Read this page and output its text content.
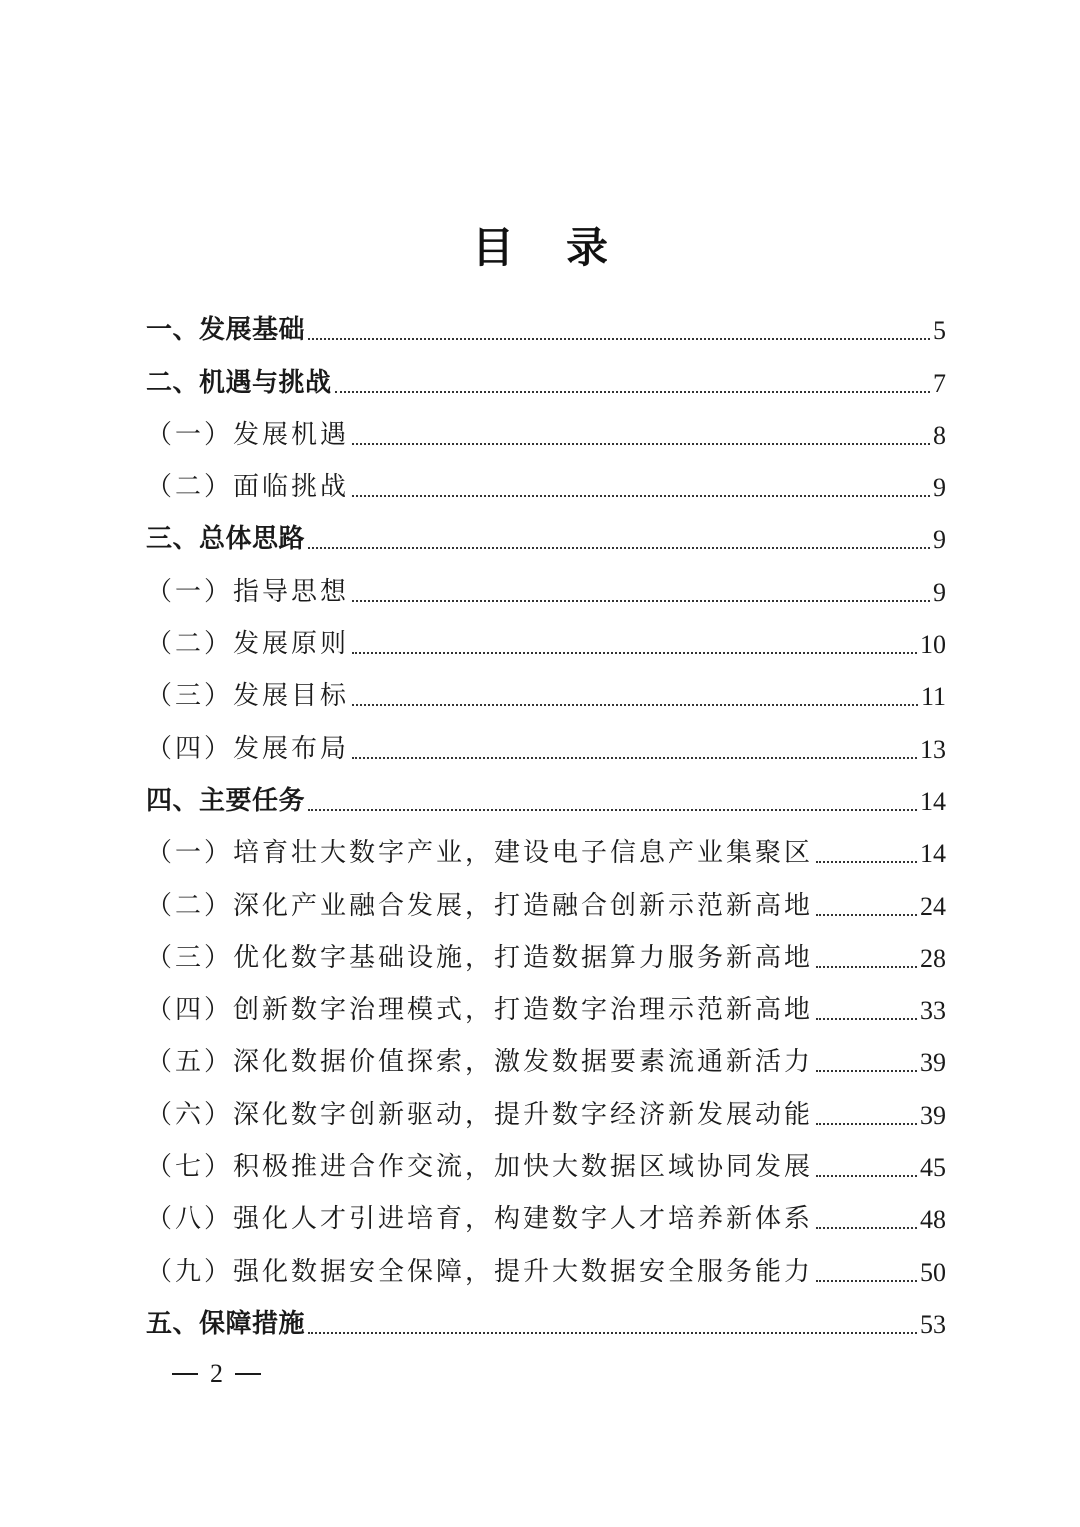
目录
一、发展基础	5
二、机遇与挑战	7
（一）发展机遇	8
（二）面临挑战	9
三、总体思路	9
（一）指导思想	9
（二）发展原则	10
（三）发展目标	11
（四）发展布局	13
四、主要任务	14
（一）培育壮大数字产业，建设电子信息产业集聚区	14
（二）深化产业融合发展，打造融合创新示范新高地	24
（三）优化数字基础设施，打造数据算力服务新高地	28
（四）创新数字治理模式，打造数字治理示范新高地	33
（五）深化数据价值探索，激发数据要素流通新活力	39
（六）深化数字创新驱动，提升数字经济新发展动能	39
（七）积极推进合作交流，加快大数据区域协同发展	45
（八）强化人才引进培育，构建数字人才培养新体系	48
（九）强化数据安全保障，提升大数据安全服务能力	50
五、保障措施	53
2
